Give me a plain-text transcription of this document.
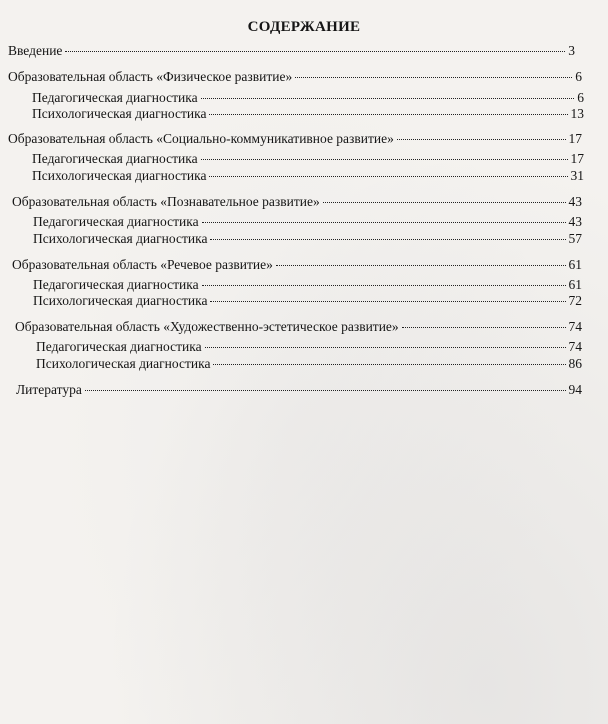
СОДЕРЖАНИЕ
Введение	3
Образовательная область «Физическое развитие»	6
Педагогическая диагностика	6
Психологическая диагностика	13
Образовательная область «Социально-коммуникативное развитие»	17
Педагогическая диагностика	17
Психологическая диагностика	31
Образовательная область «Познавательное развитие»	43
Педагогическая диагностика	43
Психологическая диагностика	57
Образовательная область «Речевое развитие»	61
Педагогическая диагностика	61
Психологическая диагностика	72
Образовательная область «Художественно-эстетическое развитие»	74
Педагогическая диагностика	74
Психологическая диагностика	86
Литература	94
